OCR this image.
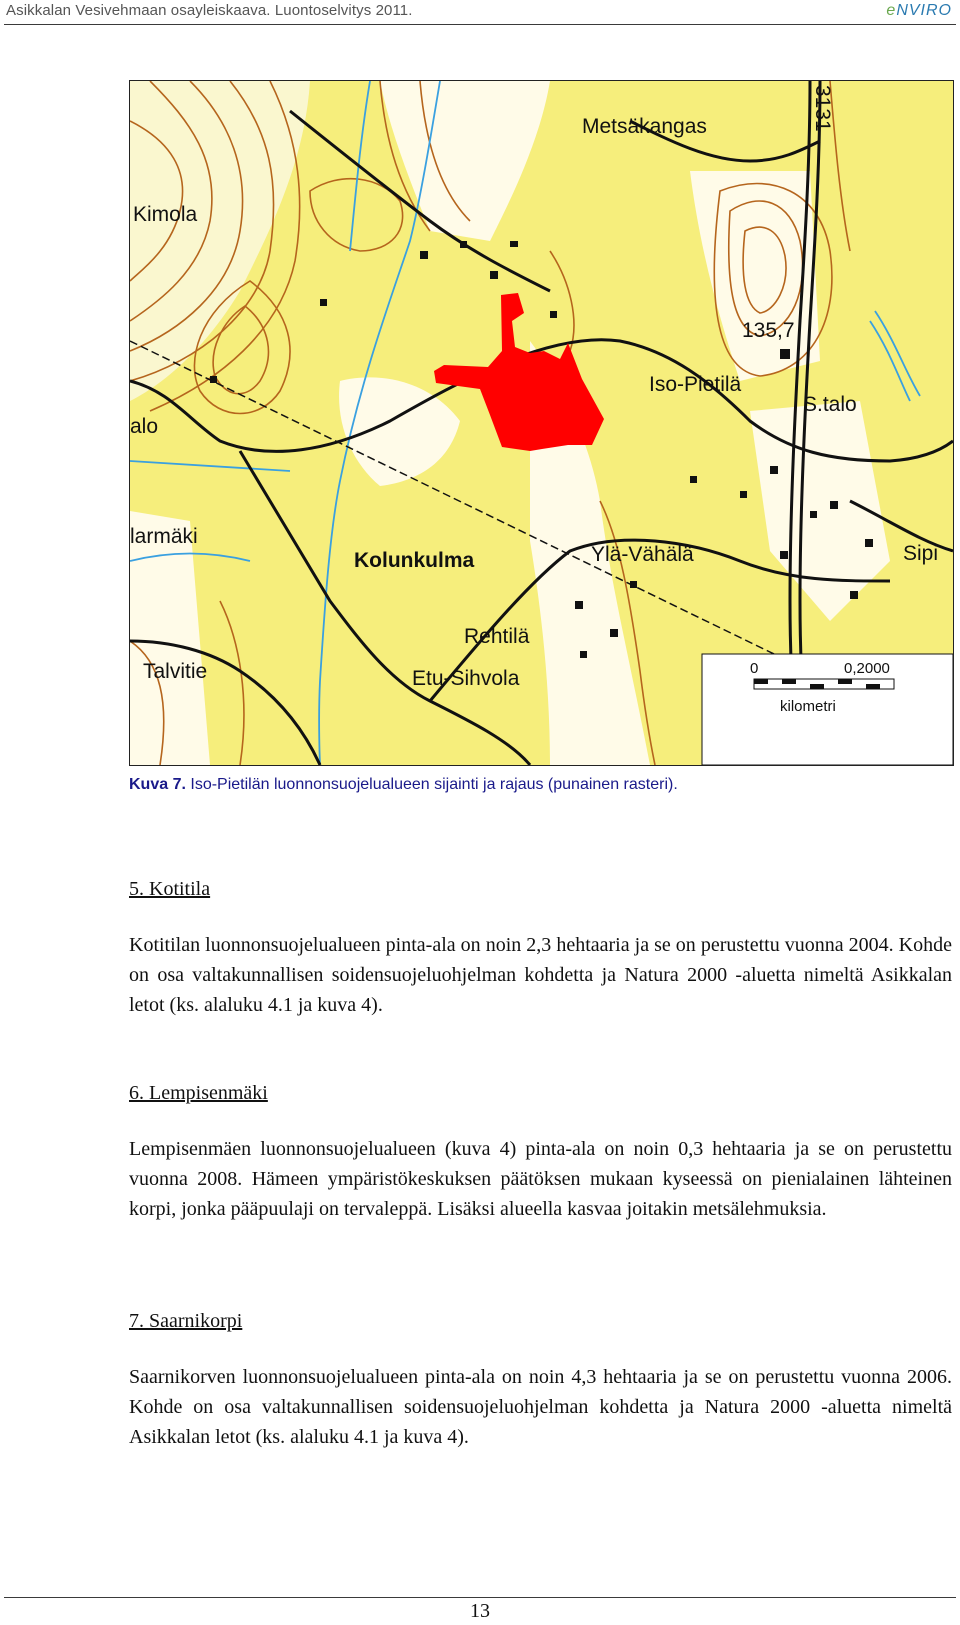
Asikkalan Vesivehmaan osayleiskaava. Luontoselvitys 2011.	eNVIRO
Metsäkangas
Kimola
135,7
Iso-Pietilä
S.talo
alo
larmäki
Kolunkulma	Ylä-Vähälä	Sipi
Rehtilä
Talvitie	Etu-Sihvola
3131
0	0,2000
kilometri
Kuva 7. Iso-Pietilän luonnonsuojelualueen sijainti ja rajaus (punainen rasteri).
5. Kotitila
Kotitilan luonnonsuojelualueen pinta-ala on noin 2,3 hehtaaria ja se on perustettu vuonna 2004. Kohde on osa valtakunnallisen soidensuojeluohjelman kohdetta ja Natura 2000 -aluetta nimeltä Asikkalan letot (ks. alaluku 4.1 ja kuva 4).
6. Lempisenmäki
Lempisenmäen luonnonsuojelualueen (kuva 4) pinta-ala on noin 0,3 hehtaaria ja se on perustettu vuonna 2008. Hämeen ympäristökeskuksen päätöksen mukaan kyseessä on pienialainen lähteinen korpi, jonka pääpuulaji on tervaleppä. Lisäksi alueella kasvaa joitakin metsälehmuksia.
7. Saarnikorpi
Saarnikorven luonnonsuojelualueen pinta-ala on noin 4,3 hehtaaria ja se on perustettu vuonna 2006. Kohde on osa valtakunnallisen soidensuojeluohjelman kohdetta ja Natura 2000 -aluetta nimeltä Asikkalan letot (ks. alaluku 4.1 ja kuva 4).
13
